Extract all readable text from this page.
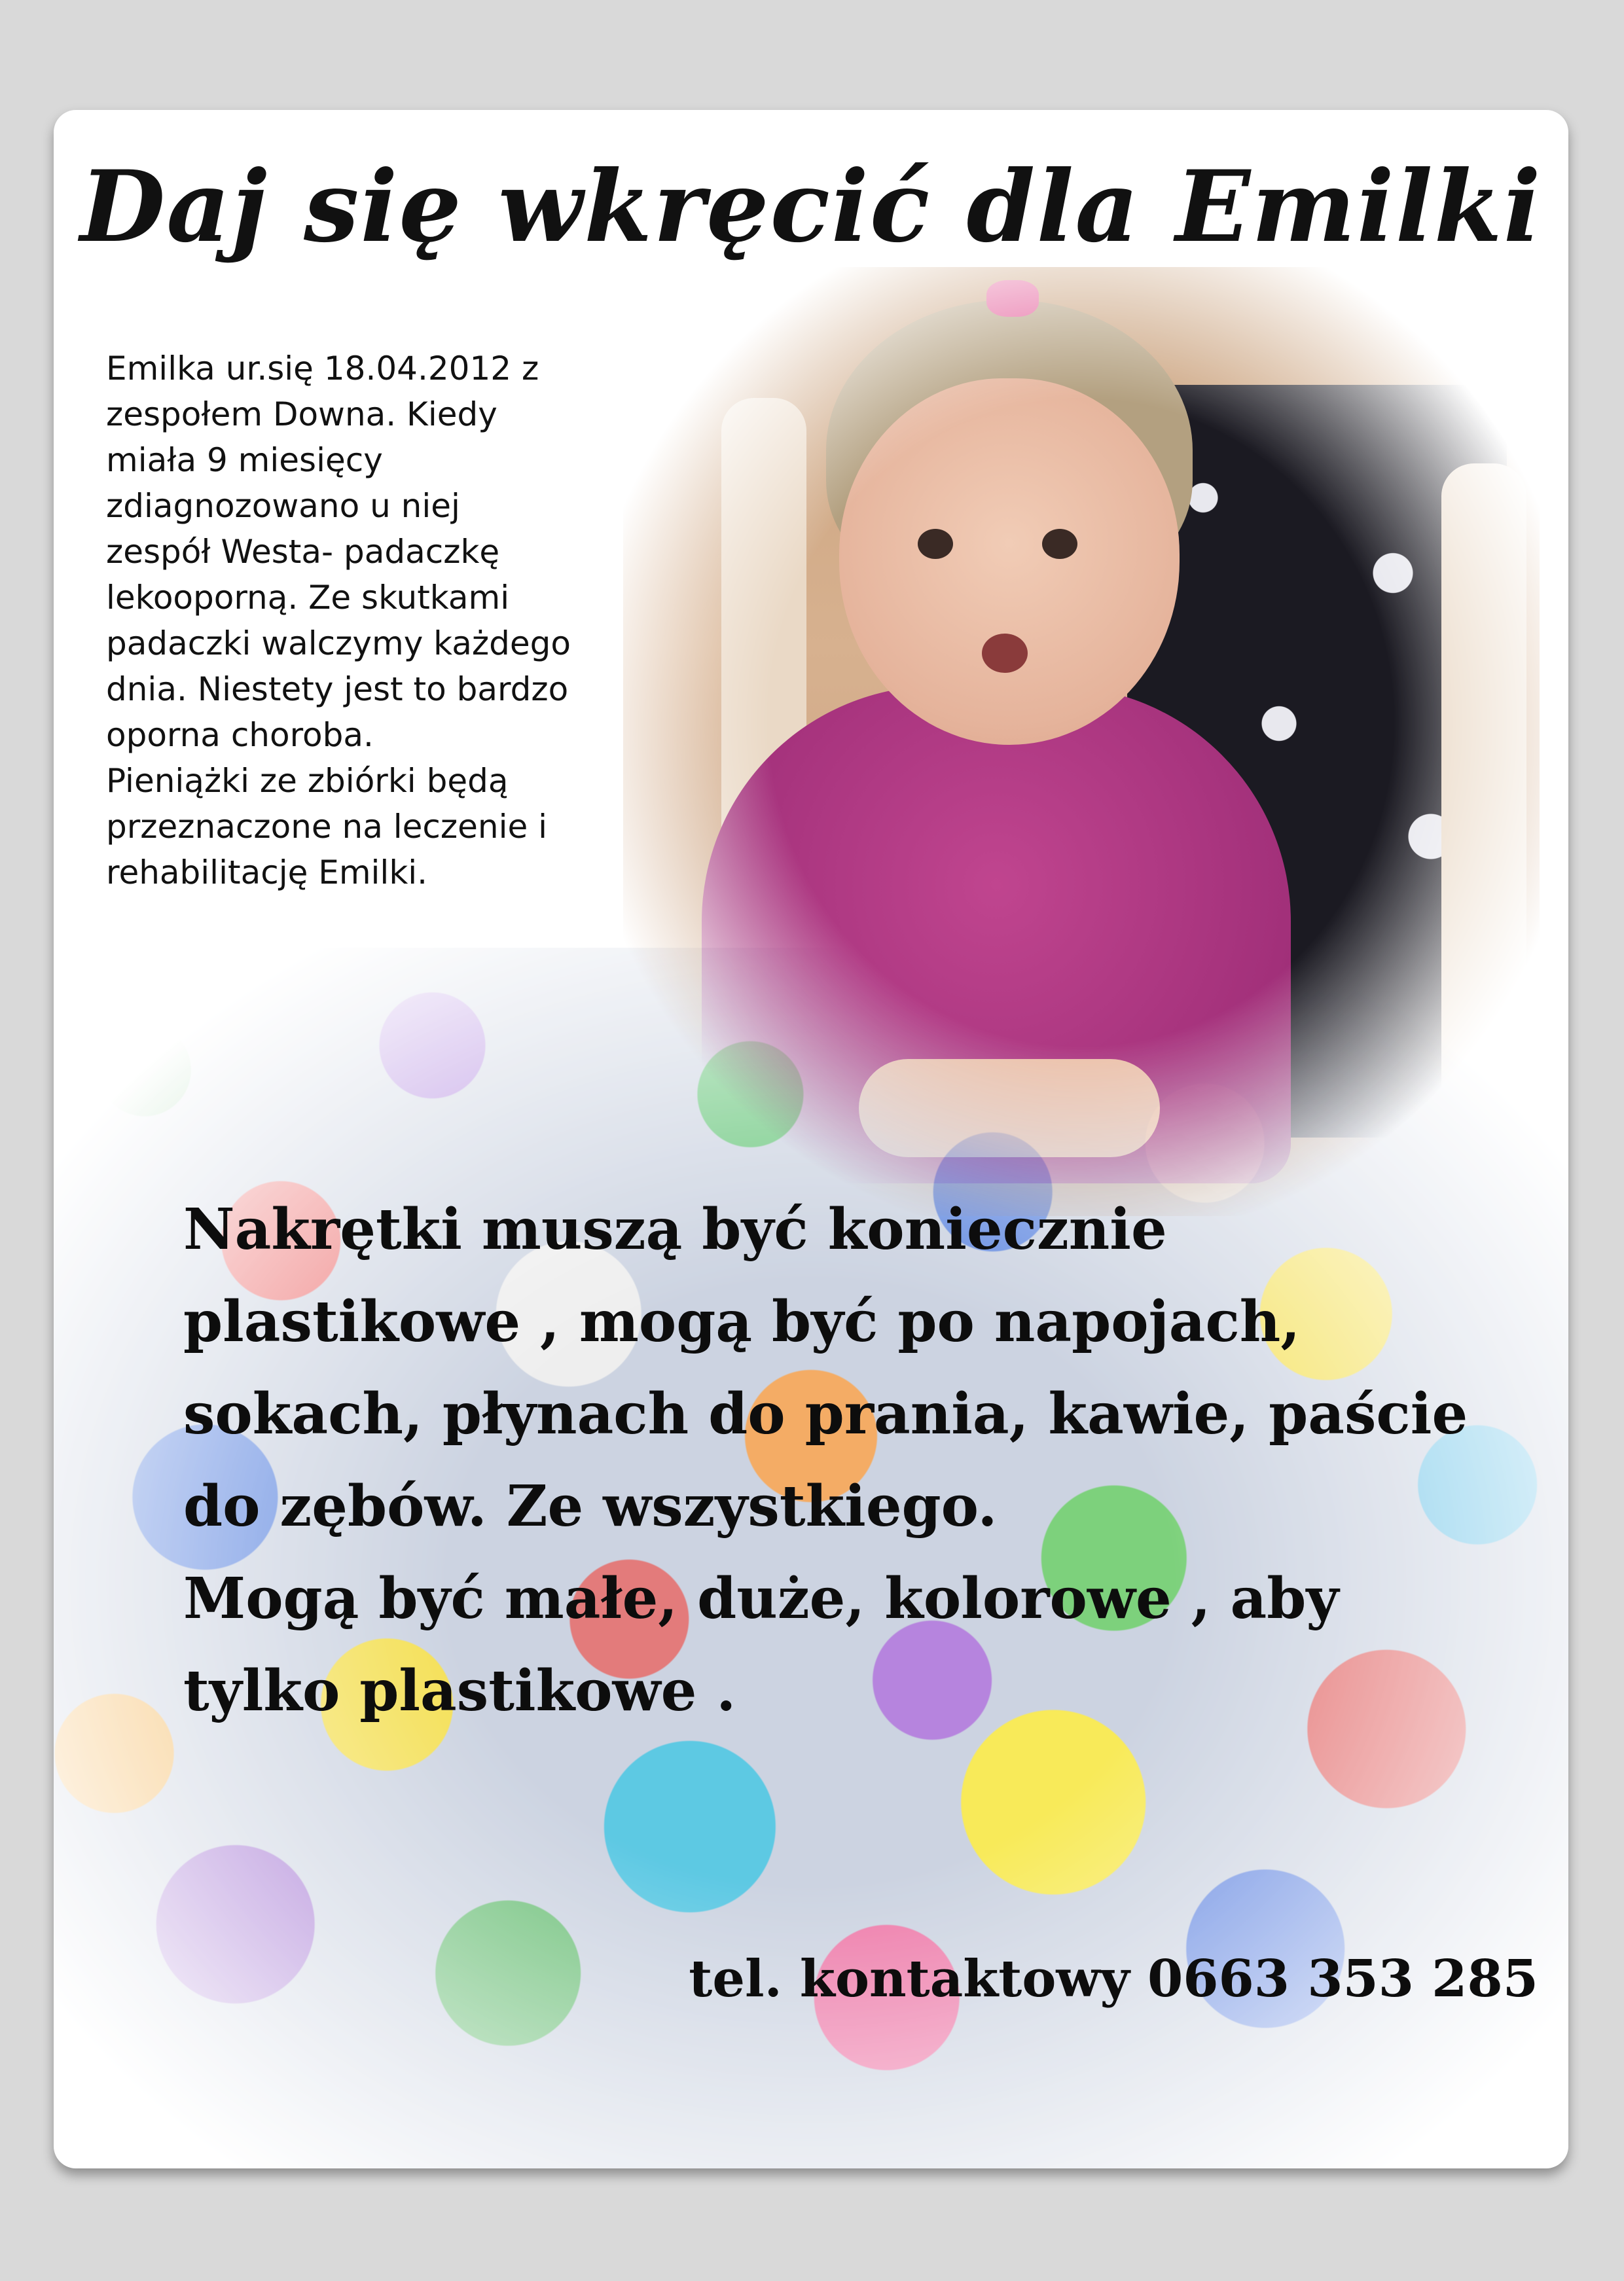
Daj się wkręcić dla Emilki

Emilka ur.się 18.04.2012 z
zespołem Downa. Kiedy
miała 9 miesięcy
zdiagnozowano u niej
zespół Westa- padaczkę
lekooporną. Ze skutkami
padaczki walczymy każdego
dnia. Niestety jest to bardzo
oporna choroba.
Pieniążki ze zbiórki będą
przeznaczone na leczenie i
rehabilitację Emilki.

Nakrętki muszą być koniecznie
plastikowe , mogą być po napojach,
sokach, płynach do prania, kawie, paście
do zębów. Ze wszystkiego.
Mogą być małe, duże, kolorowe , aby
tylko plastikowe .

tel. kontaktowy 0663 353 285
